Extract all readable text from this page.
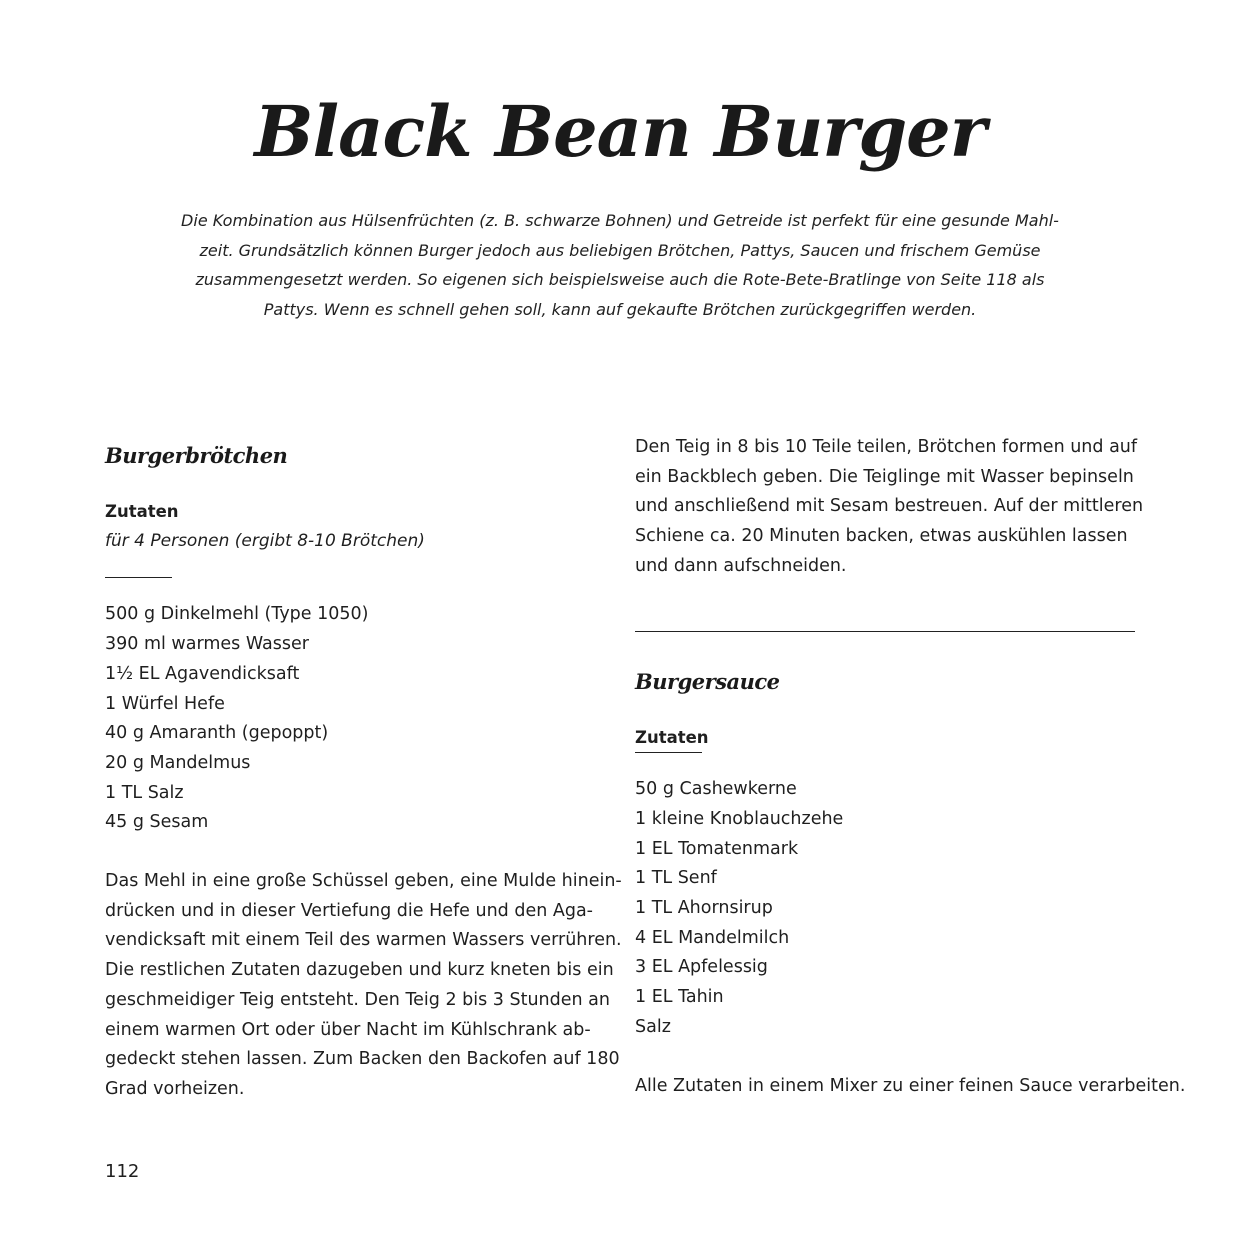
Black Bean Burger
Die Kombination aus Hülsenfrüchten (z. B. schwarze Bohnen) und Getreide ist perfekt für eine gesunde Mahl-
zeit. Grundsätzlich können Burger jedoch aus beliebigen Brötchen, Pattys, Saucen und frischem Gemüse
zusammengesetzt werden. So eigenen sich beispielsweise auch die Rote-Bete-Bratlinge von Seite 118 als
Pattys. Wenn es schnell gehen soll, kann auf gekaufte Brötchen zurückgegriffen werden.
Burgerbrötchen
Zutaten
für 4 Personen (ergibt 8-10 Brötchen)
500 g Dinkelmehl (Type 1050)
390 ml warmes Wasser
1½ EL Agavendicksaft
1 Würfel Hefe
40 g Amaranth (gepoppt)
20 g Mandelmus
1 TL Salz
45 g Sesam
Das Mehl in eine große Schüssel geben, eine Mulde hinein-
drücken und in dieser Vertiefung die Hefe und den Aga-
vendicksaft mit einem Teil des warmen Wassers verrühren.
Die restlichen Zutaten dazugeben und kurz kneten bis ein
geschmeidiger Teig entsteht. Den Teig 2 bis 3 Stunden an
einem warmen Ort oder über Nacht im Kühlschrank ab-
gedeckt stehen lassen. Zum Backen den Backofen auf 180
Grad vorheizen.
Den Teig in 8 bis 10 Teile teilen, Brötchen formen und auf
ein Backblech geben. Die Teiglinge mit Wasser bepinseln
und anschließend mit Sesam bestreuen. Auf der mittleren
Schiene ca. 20 Minuten backen, etwas auskühlen lassen
und dann aufschneiden.
Burgersauce
Zutaten
50 g Cashewkerne
1 kleine Knoblauchzehe
1 EL Tomatenmark
1 TL Senf
1 TL Ahornsirup
4 EL Mandelmilch
3 EL Apfelessig
1 EL Tahin
Salz
Alle Zutaten in einem Mixer zu einer feinen Sauce verarbeiten.
112
